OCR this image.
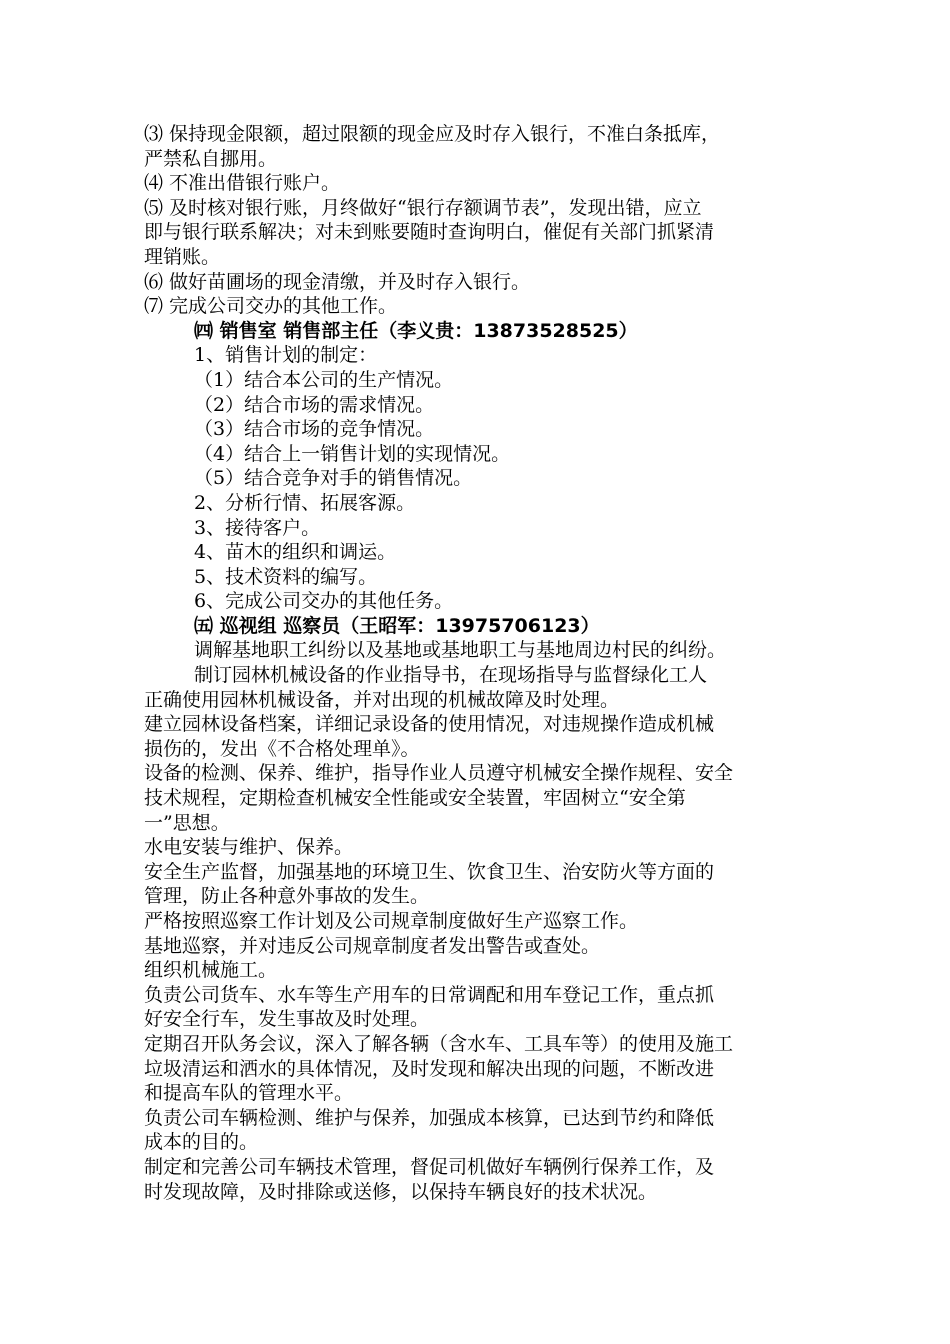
⑶ 保持现金限额，超过限额的现金应及时存入银行，不准白条抵库，
严禁私自挪用。
⑷ 不准出借银行账户。
⑸ 及时核对银行账，月终做好“银行存额调节表”，发现出错，应立
即与银行联系解决；对未到账要随时查询明白，催促有关部门抓紧清
理销账。
⑹ 做好苗圃场的现金清缴，并及时存入银行。
⑺ 完成公司交办的其他工作。
㈣ 销售室 销售部主任（李义贵：13873528525）
1、销售计划的制定：
（1）结合本公司的生产情况。
（2）结合市场的需求情况。
（3）结合市场的竞争情况。
（4）结合上一销售计划的实现情况。
（5）结合竞争对手的销售情况。
2、分析行情、拓展客源。
3、接待客户。
4、苗木的组织和调运。
5、技术资料的编写。
6、完成公司交办的其他任务。
㈤ 巡视组 巡察员（王昭军：13975706123）
调解基地职工纠纷以及基地或基地职工与基地周边村民的纠纷。
制订园林机械设备的作业指导书，在现场指导与监督绿化工人
正确使用园林机械设备，并对出现的机械故障及时处理。
建立园林设备档案，详细记录设备的使用情况，对违规操作造成机械
损伤的，发出《不合格处理单》。
设备的检测、保养、维护，指导作业人员遵守机械安全操作规程、安全
技术规程，定期检查机械安全性能或安全装置，牢固树立“安全第
一”思想。
水电安装与维护、保养。
安全生产监督，加强基地的环境卫生、饮食卫生、治安防火等方面的
管理，防止各种意外事故的发生。
严格按照巡察工作计划及公司规章制度做好生产巡察工作。
基地巡察，并对违反公司规章制度者发出警告或查处。
组织机械施工。
负责公司货车、水车等生产用车的日常调配和用车登记工作，重点抓
好安全行车，发生事故及时处理。
定期召开队务会议，深入了解各辆（含水车、工具车等）的使用及施工
垃圾清运和洒水的具体情况，及时发现和解决出现的问题，不断改进
和提高车队的管理水平。
负责公司车辆检测、维护与保养，加强成本核算，已达到节约和降低
成本的目的。
制定和完善公司车辆技术管理，督促司机做好车辆例行保养工作，及
时发现故障，及时排除或送修，以保持车辆良好的技术状况。
